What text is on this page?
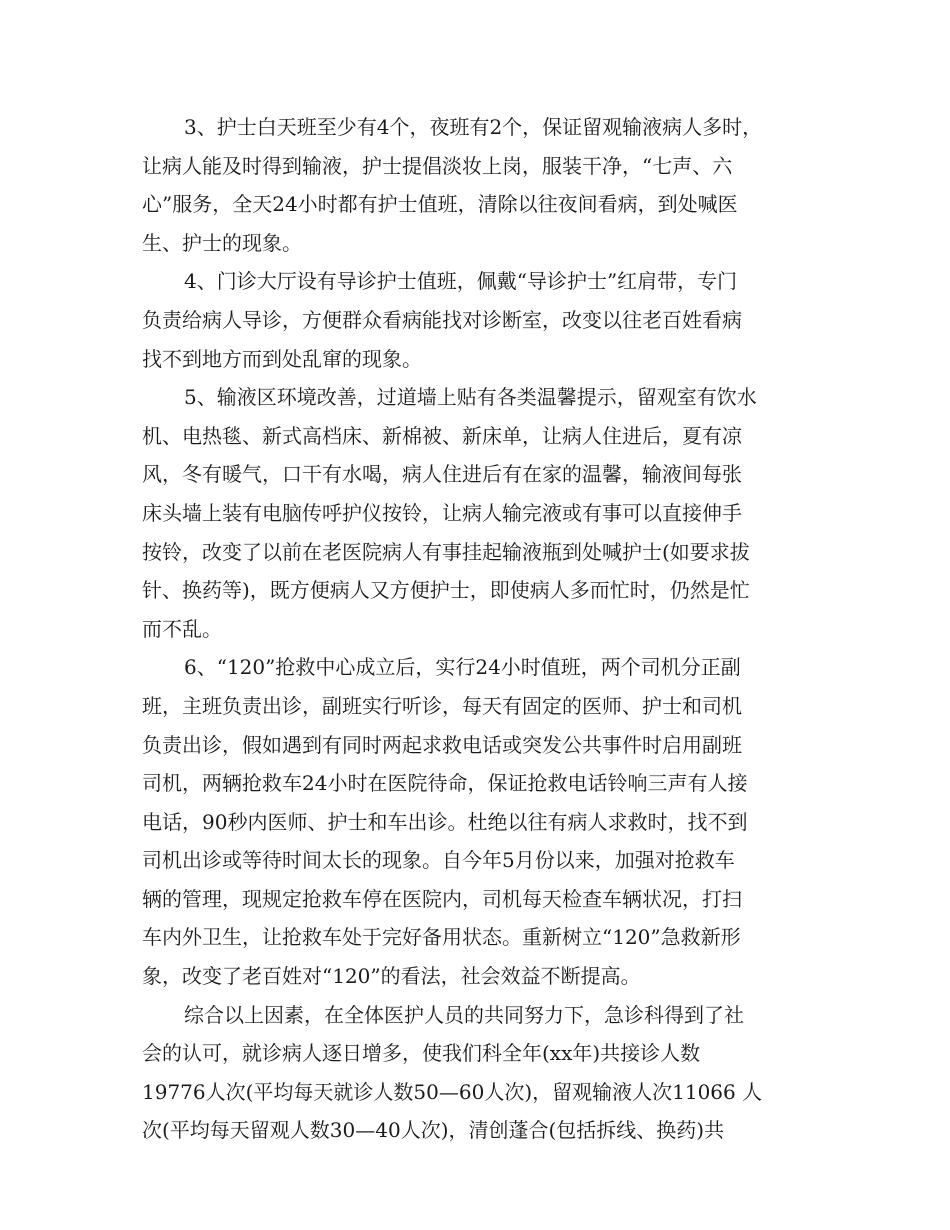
3、护士白天班至少有4个，夜班有2个，保证留观输液病人多时，
让病人能及时得到输液，护士提倡淡妆上岗，服装干净，“七声、六
心”服务，全天24小时都有护士值班，清除以往夜间看病，到处喊医
生、护士的现象。
4、门诊大厅设有导诊护士值班，佩戴“导诊护士”红肩带，专门
负责给病人导诊，方便群众看病能找对诊断室，改变以往老百姓看病
找不到地方而到处乱窜的现象。
5、输液区环境改善，过道墙上贴有各类温馨提示，留观室有饮水
机、电热毯、新式高档床、新棉被、新床单，让病人住进后，夏有凉
风，冬有暖气，口干有水喝，病人住进后有在家的温馨，输液间每张
床头墙上装有电脑传呼护仪按铃，让病人输完液或有事可以直接伸手
按铃，改变了以前在老医院病人有事挂起输液瓶到处喊护士(如要求拔
针、换药等)，既方便病人又方便护士，即使病人多而忙时，仍然是忙
而不乱。
6、“120”抢救中心成立后，实行24小时值班，两个司机分正副
班，主班负责出诊，副班实行听诊，每天有固定的医师、护士和司机
负责出诊，假如遇到有同时两起求救电话或突发公共事件时启用副班
司机，两辆抢救车24小时在医院待命，保证抢救电话铃响三声有人接
电话，90秒内医师、护士和车出诊。杜绝以往有病人求救时，找不到
司机出诊或等待时间太长的现象。自今年5月份以来，加强对抢救车
辆的管理，现规定抢救车停在医院内，司机每天检查车辆状况，打扫
车内外卫生，让抢救车处于完好备用状态。重新树立“120”急救新形
象，改变了老百姓对“120”的看法，社会效益不断提高。
综合以上因素，在全体医护人员的共同努力下，急诊科得到了社
会的认可，就诊病人逐日增多，使我们科全年(xx年)共接诊人数
19776人次(平均每天就诊人数50—60人次)，留观输液人次11066 人
次(平均每天留观人数30—40人次)，清创蓬合(包括拆线、换药)共
